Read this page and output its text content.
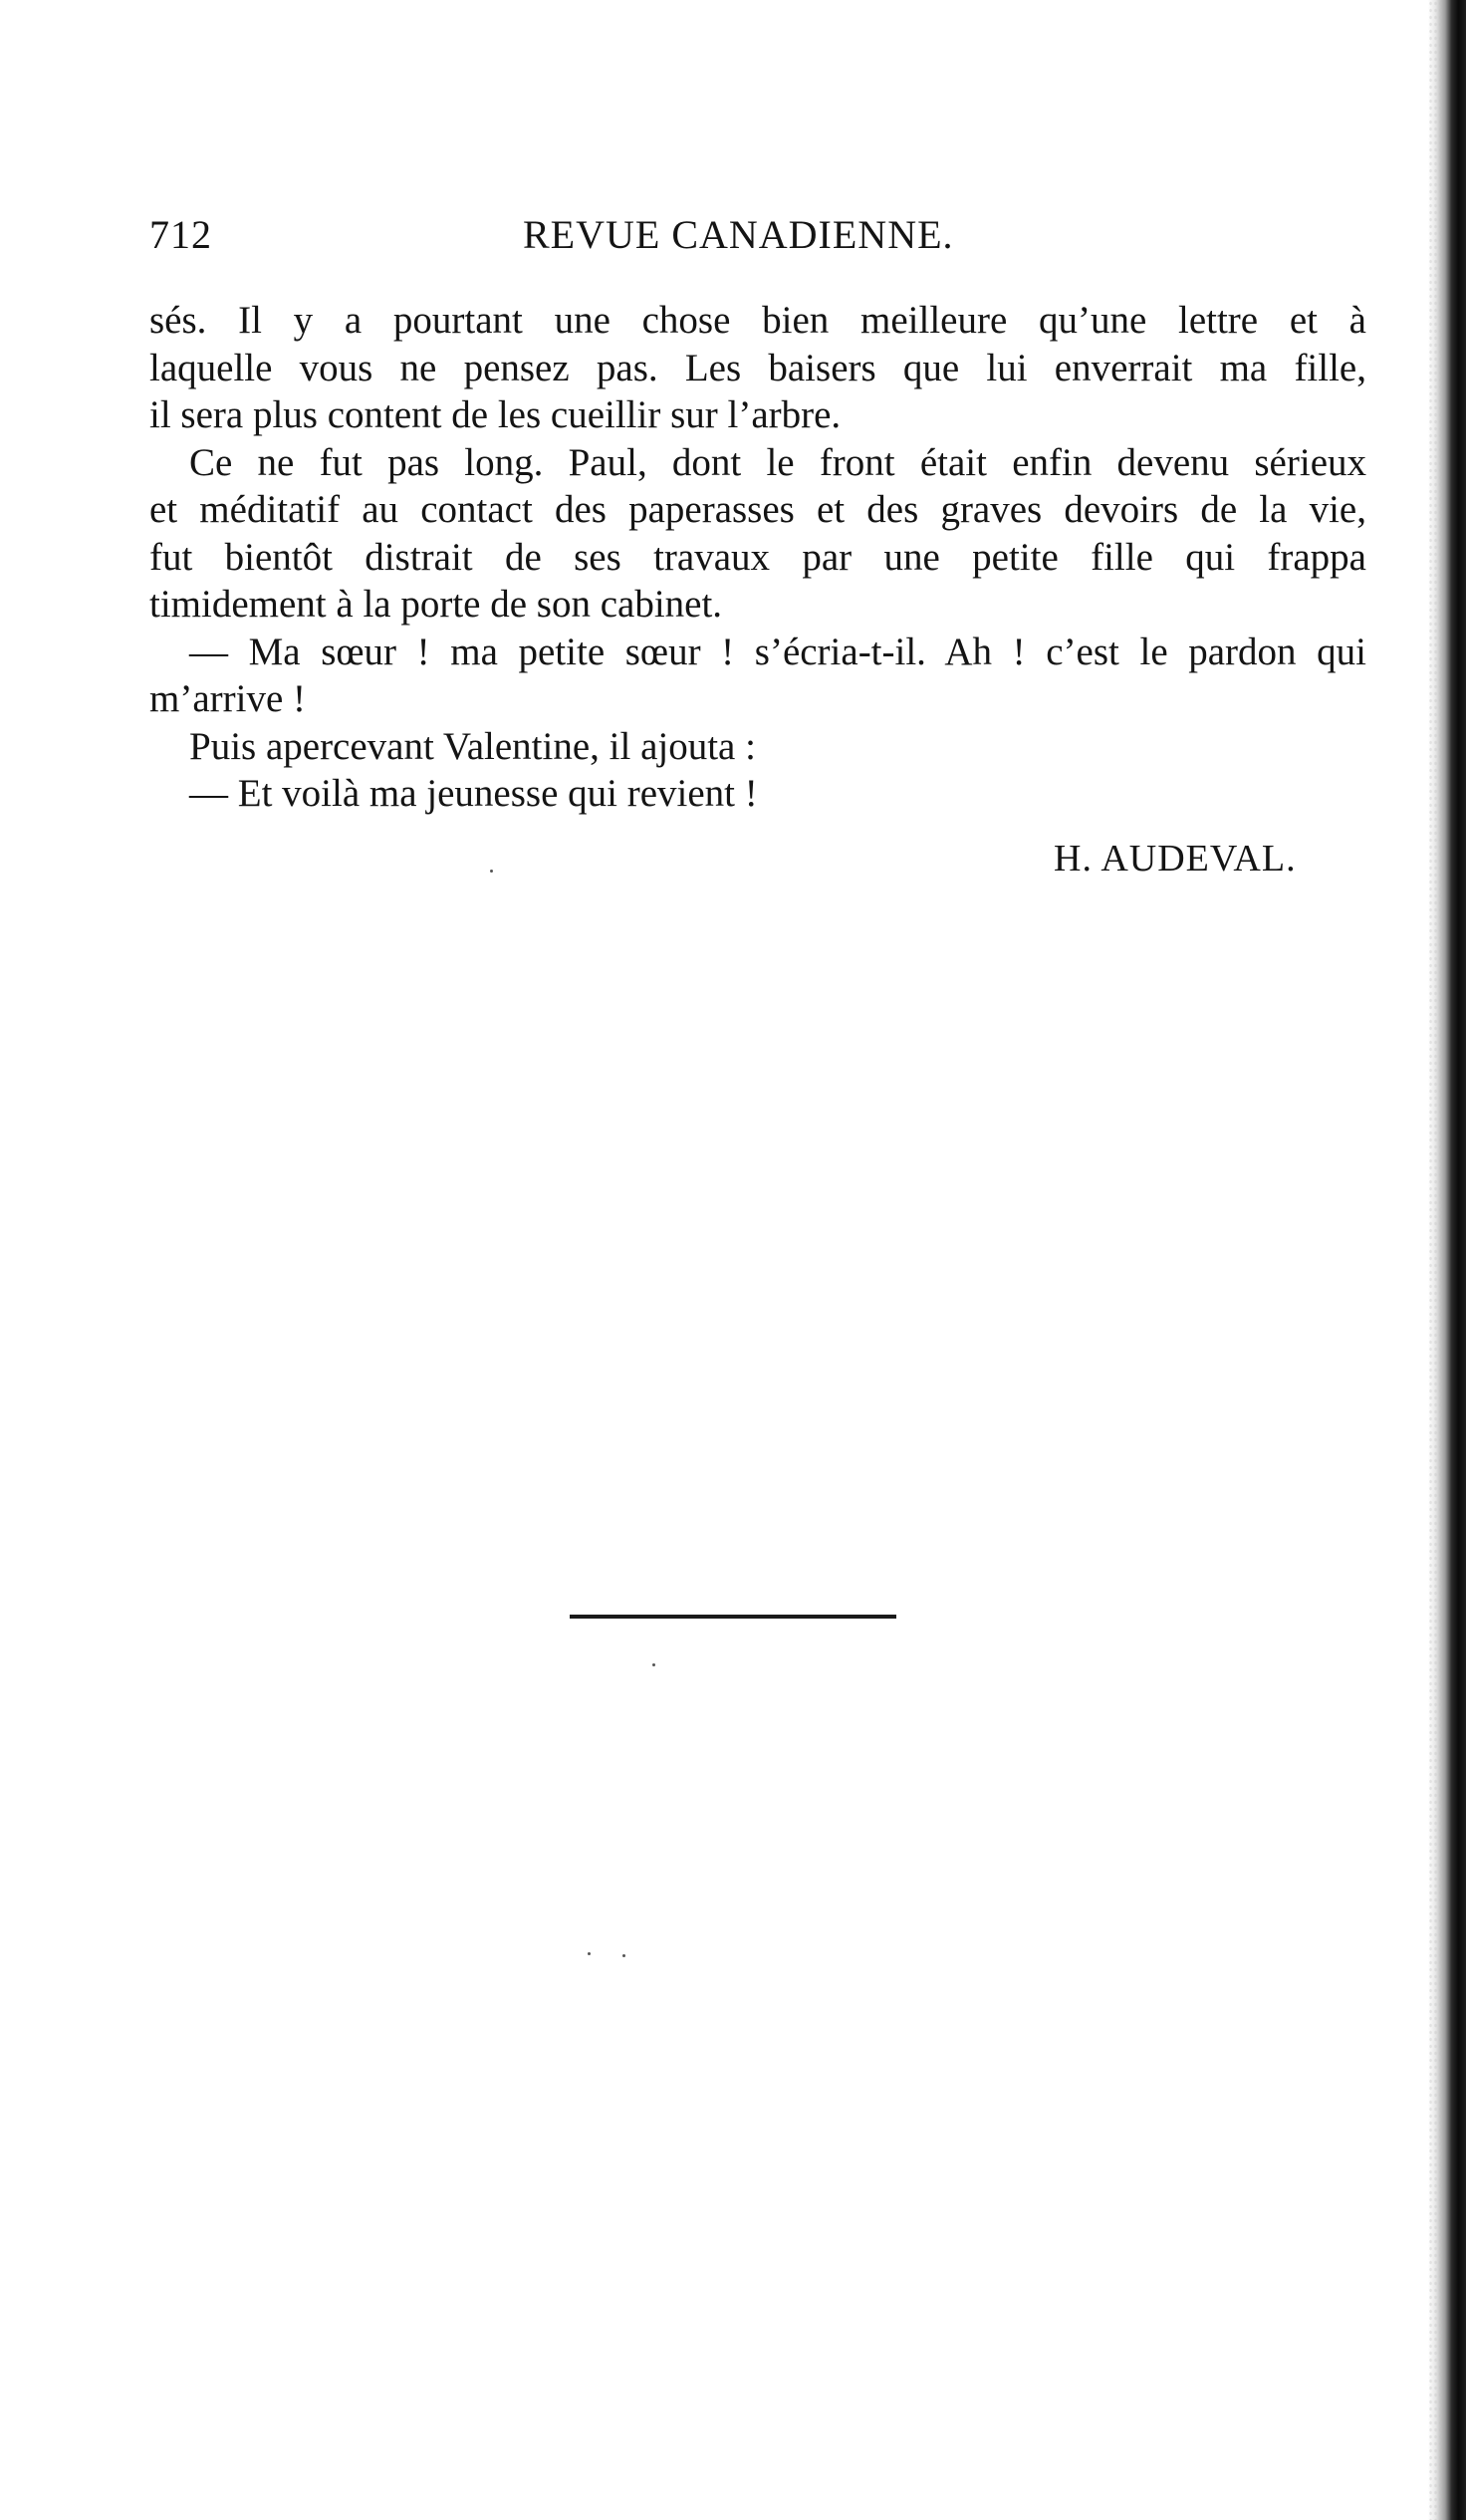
712	REVUE CANADIENNE.
sés. Il y a pourtant une chose bien meilleure qu’une lettre et à
laquelle vous ne pensez pas. Les baisers que lui enverrait ma fille,
il sera plus content de les cueillir sur l’arbre.
Ce ne fut pas long. Paul, dont le front était enfin devenu sérieux
et méditatif au contact des paperasses et des graves devoirs de la vie,
fut bientôt distrait de ses travaux par une petite fille qui frappa
timidement à la porte de son cabinet.
— Ma sœur ! ma petite sœur ! s’écria-t-il. Ah ! c’est le pardon qui
m’arrive !
Puis apercevant Valentine, il ajouta :
— Et voilà ma jeunesse qui revient !
H. AUDEVAL.
